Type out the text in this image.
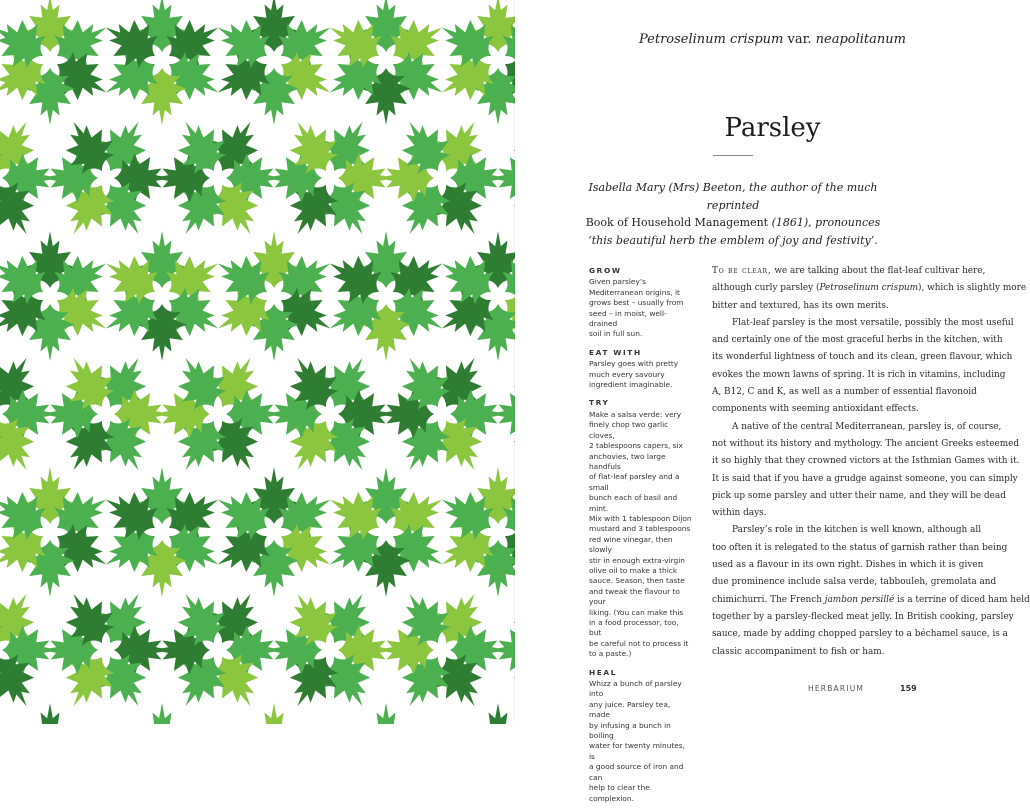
Petroselinum crispum var. neapolitanum
Parsley
Isabella Mary (Mrs) Beeton, the author of the much reprinted
Book of Household Management (1861), pronounces
‘this beautiful herb the emblem of joy and festivity’.
GROW
Given parsley’s
Mediterranean origins, it
grows best – usually from
seed – in moist, well-drained
soil in full sun.
EAT WITH
Parsley goes with pretty
much every savoury
ingredient imaginable.
TRY
Make a salsa verde: very
finely chop two garlic cloves,
2 tablespoons capers, six
anchovies, two large handfuls
of flat-leaf parsley and a small
bunch each of basil and mint.
Mix with 1 tablespoon Dijon
mustard and 3 tablespoons
red wine vinegar, then slowly
stir in enough extra-virgin
olive oil to make a thick
sauce. Season, then taste
and tweak the flavour to your
liking. (You can make this
in a food processor, too, but
be careful not to process it
to a paste.)
HEAL
Whizz a bunch of parsley into
any juice. Parsley tea, made
by infusing a bunch in boiling
water for twenty minutes, is
a good source of iron and can
help to clear the complexion.
To be clear, we are talking about the flat-leaf cultivar here,
although curly parsley (Petroselinum crispum), which is slightly more
bitter and textured, has its own merits.
Flat-leaf parsley is the most versatile, possibly the most useful
and certainly one of the most graceful herbs in the kitchen, with
its wonderful lightness of touch and its clean, green flavour, which
evokes the mown lawns of spring. It is rich in vitamins, including
A, B12, C and K, as well as a number of essential flavonoid
components with seeming antioxidant effects.
A native of the central Mediterranean, parsley is, of course,
not without its history and mythology. The ancient Greeks esteemed
it so highly that they crowned victors at the Isthmian Games with it.
It is said that if you have a grudge against someone, you can simply
pick up some parsley and utter their name, and they will be dead
within days.
Parsley’s role in the kitchen is well known, although all
too often it is relegated to the status of garnish rather than being
used as a flavour in its own right. Dishes in which it is given
due prominence include salsa verde, tabbouleh, gremolata and
chimichurri. The French jambon persillé is a terrine of diced ham held
together by a parsley-flecked meat jelly. In British cooking, parsley
sauce, made by adding chopped parsley to a béchamel sauce, is a
classic accompaniment to fish or ham.
HERBARIUM	159
